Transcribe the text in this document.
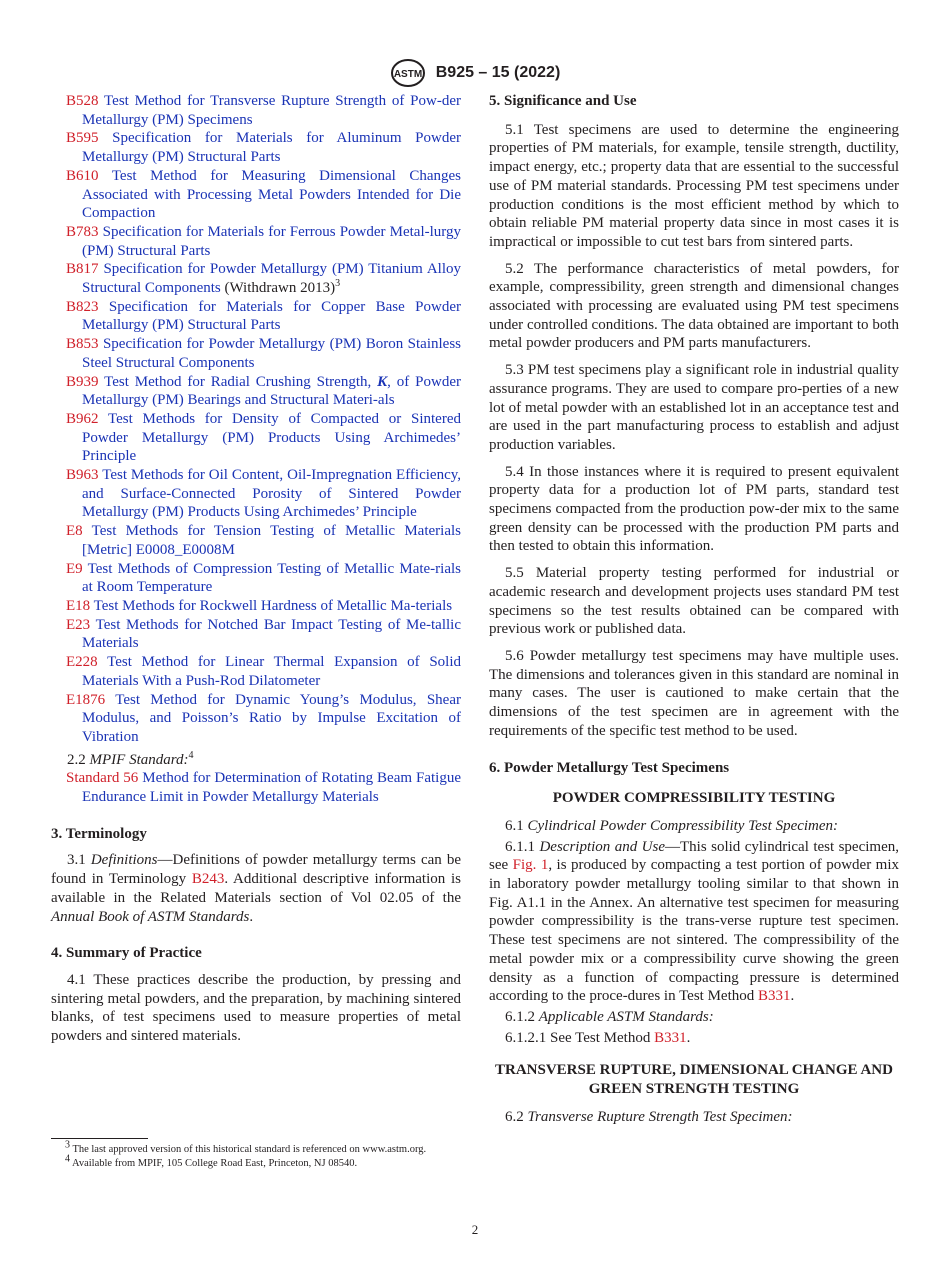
ASTM B925 – 15 (2022)
B528 Test Method for Transverse Rupture Strength of Pow-der Metallurgy (PM) Specimens
B595 Specification for Materials for Aluminum Powder Metallurgy (PM) Structural Parts
B610 Test Method for Measuring Dimensional Changes Associated with Processing Metal Powders Intended for Die Compaction
B783 Specification for Materials for Ferrous Powder Metal-lurgy (PM) Structural Parts
B817 Specification for Powder Metallurgy (PM) Titanium Alloy Structural Components (Withdrawn 2013)$^3$
B823 Specification for Materials for Copper Base Powder Metallurgy (PM) Structural Parts
B853 Specification for Powder Metallurgy (PM) Boron Stainless Steel Structural Components
B939 Test Method for Radial Crushing Strength, K, of Powder Metallurgy (PM) Bearings and Structural Materi-als
B962 Test Methods for Density of Compacted or Sintered Powder Metallurgy (PM) Products Using Archimedes’ Principle
B963 Test Methods for Oil Content, Oil-Impregnation Efficiency, and Surface-Connected Porosity of Sintered Powder Metallurgy (PM) Products Using Archimedes’ Principle
E8 Test Methods for Tension Testing of Metallic Materials [Metric] E0008_E0008M
E9 Test Methods of Compression Testing of Metallic Mate-rials at Room Temperature
E18 Test Methods for Rockwell Hardness of Metallic Ma-terials
E23 Test Methods for Notched Bar Impact Testing of Me-tallic Materials
E228 Test Method for Linear Thermal Expansion of Solid Materials With a Push-Rod Dilatometer
E1876 Test Method for Dynamic Young’s Modulus, Shear Modulus, and Poisson’s Ratio by Impulse Excitation of Vibration

2.2 MPIF Standard:$^4$

Standard 56 Method for Determination of Rotating Beam Fatigue Endurance Limit in Powder Metallurgy Materials

3. Terminology

3.1 Definitions—Definitions of powder metallurgy terms can be found in Terminology B243. Additional descriptive information is available in the Related Materials section of Vol 02.05 of the Annual Book of ASTM Standards.

4. Summary of Practice

4.1 These practices describe the production, by pressing and sintering metal powders, and the preparation, by machining sintered blanks, of test specimens used to measure properties of metal powders and sintered materials.

$^3$ The last approved version of this historical standard is referenced on www.astm.org.

$^4$ Available from MPIF, 105 College Road East, Princeton, NJ 08540.

5. Significance and Use

5.1 Test specimens are used to determine the engineering properties of PM materials, for example, tensile strength, ductility, impact energy, etc.; property data that are essential to the successful use of PM material standards. Processing PM test specimens under production conditions is the most efficient method by which to obtain reliable PM material property data since in most cases it is impractical or impossible to cut test bars from sintered parts.

5.2 The performance characteristics of metal powders, for example, compressibility, green strength and dimensional changes associated with processing are evaluated using PM test specimens under controlled conditions. The data obtained are important to both metal powder producers and PM parts manufacturers.

5.3 PM test specimens play a significant role in industrial quality assurance programs. They are used to compare pro-perties of a new lot of metal powder with an established lot in an acceptance test and are used in the part manufacturing process to establish and adjust production variables.

5.4 In those instances where it is required to present equivalent property data for a production lot of PM parts, standard test specimens compacted from the production pow-der mix to the same green density can be processed with the production PM parts and then tested to obtain this information.

5.5 Material property testing performed for industrial or academic research and development projects uses standard PM test specimens so the test results obtained can be compared with previous work or published data.

5.6 Powder metallurgy test specimens may have multiple uses. The dimensions and tolerances given in this standard are nominal in many cases. The user is cautioned to make certain that the dimensions of the test specimen are in agreement with the requirements of the specific test method to be used.

6. Powder Metallurgy Test Specimens

POWDER COMPRESSIBILITY TESTING

6.1 Cylindrical Powder Compressibility Test Specimen:

6.1.1 Description and Use—This solid cylindrical test specimen, see Fig. 1, is produced by compacting a test portion of powder mix in laboratory powder metallurgy tooling similar to that shown in Fig. A1.1 in the Annex. An alternative test specimen for measuring powder compressibility is the trans-verse rupture test specimen. These test specimens are not sintered. The compressibility of the metal powder mix or a compressibility curve showing the green density as a function of compacting pressure is determined according to the proce-dures in Test Method B331.

6.1.2 Applicable ASTM Standards:

6.1.2.1 See Test Method B331.

TRANSVERSE RUPTURE, DIMENSIONAL CHANGE AND GREEN STRENGTH TESTING

6.2 Transverse Rupture Strength Test Specimen:

2
